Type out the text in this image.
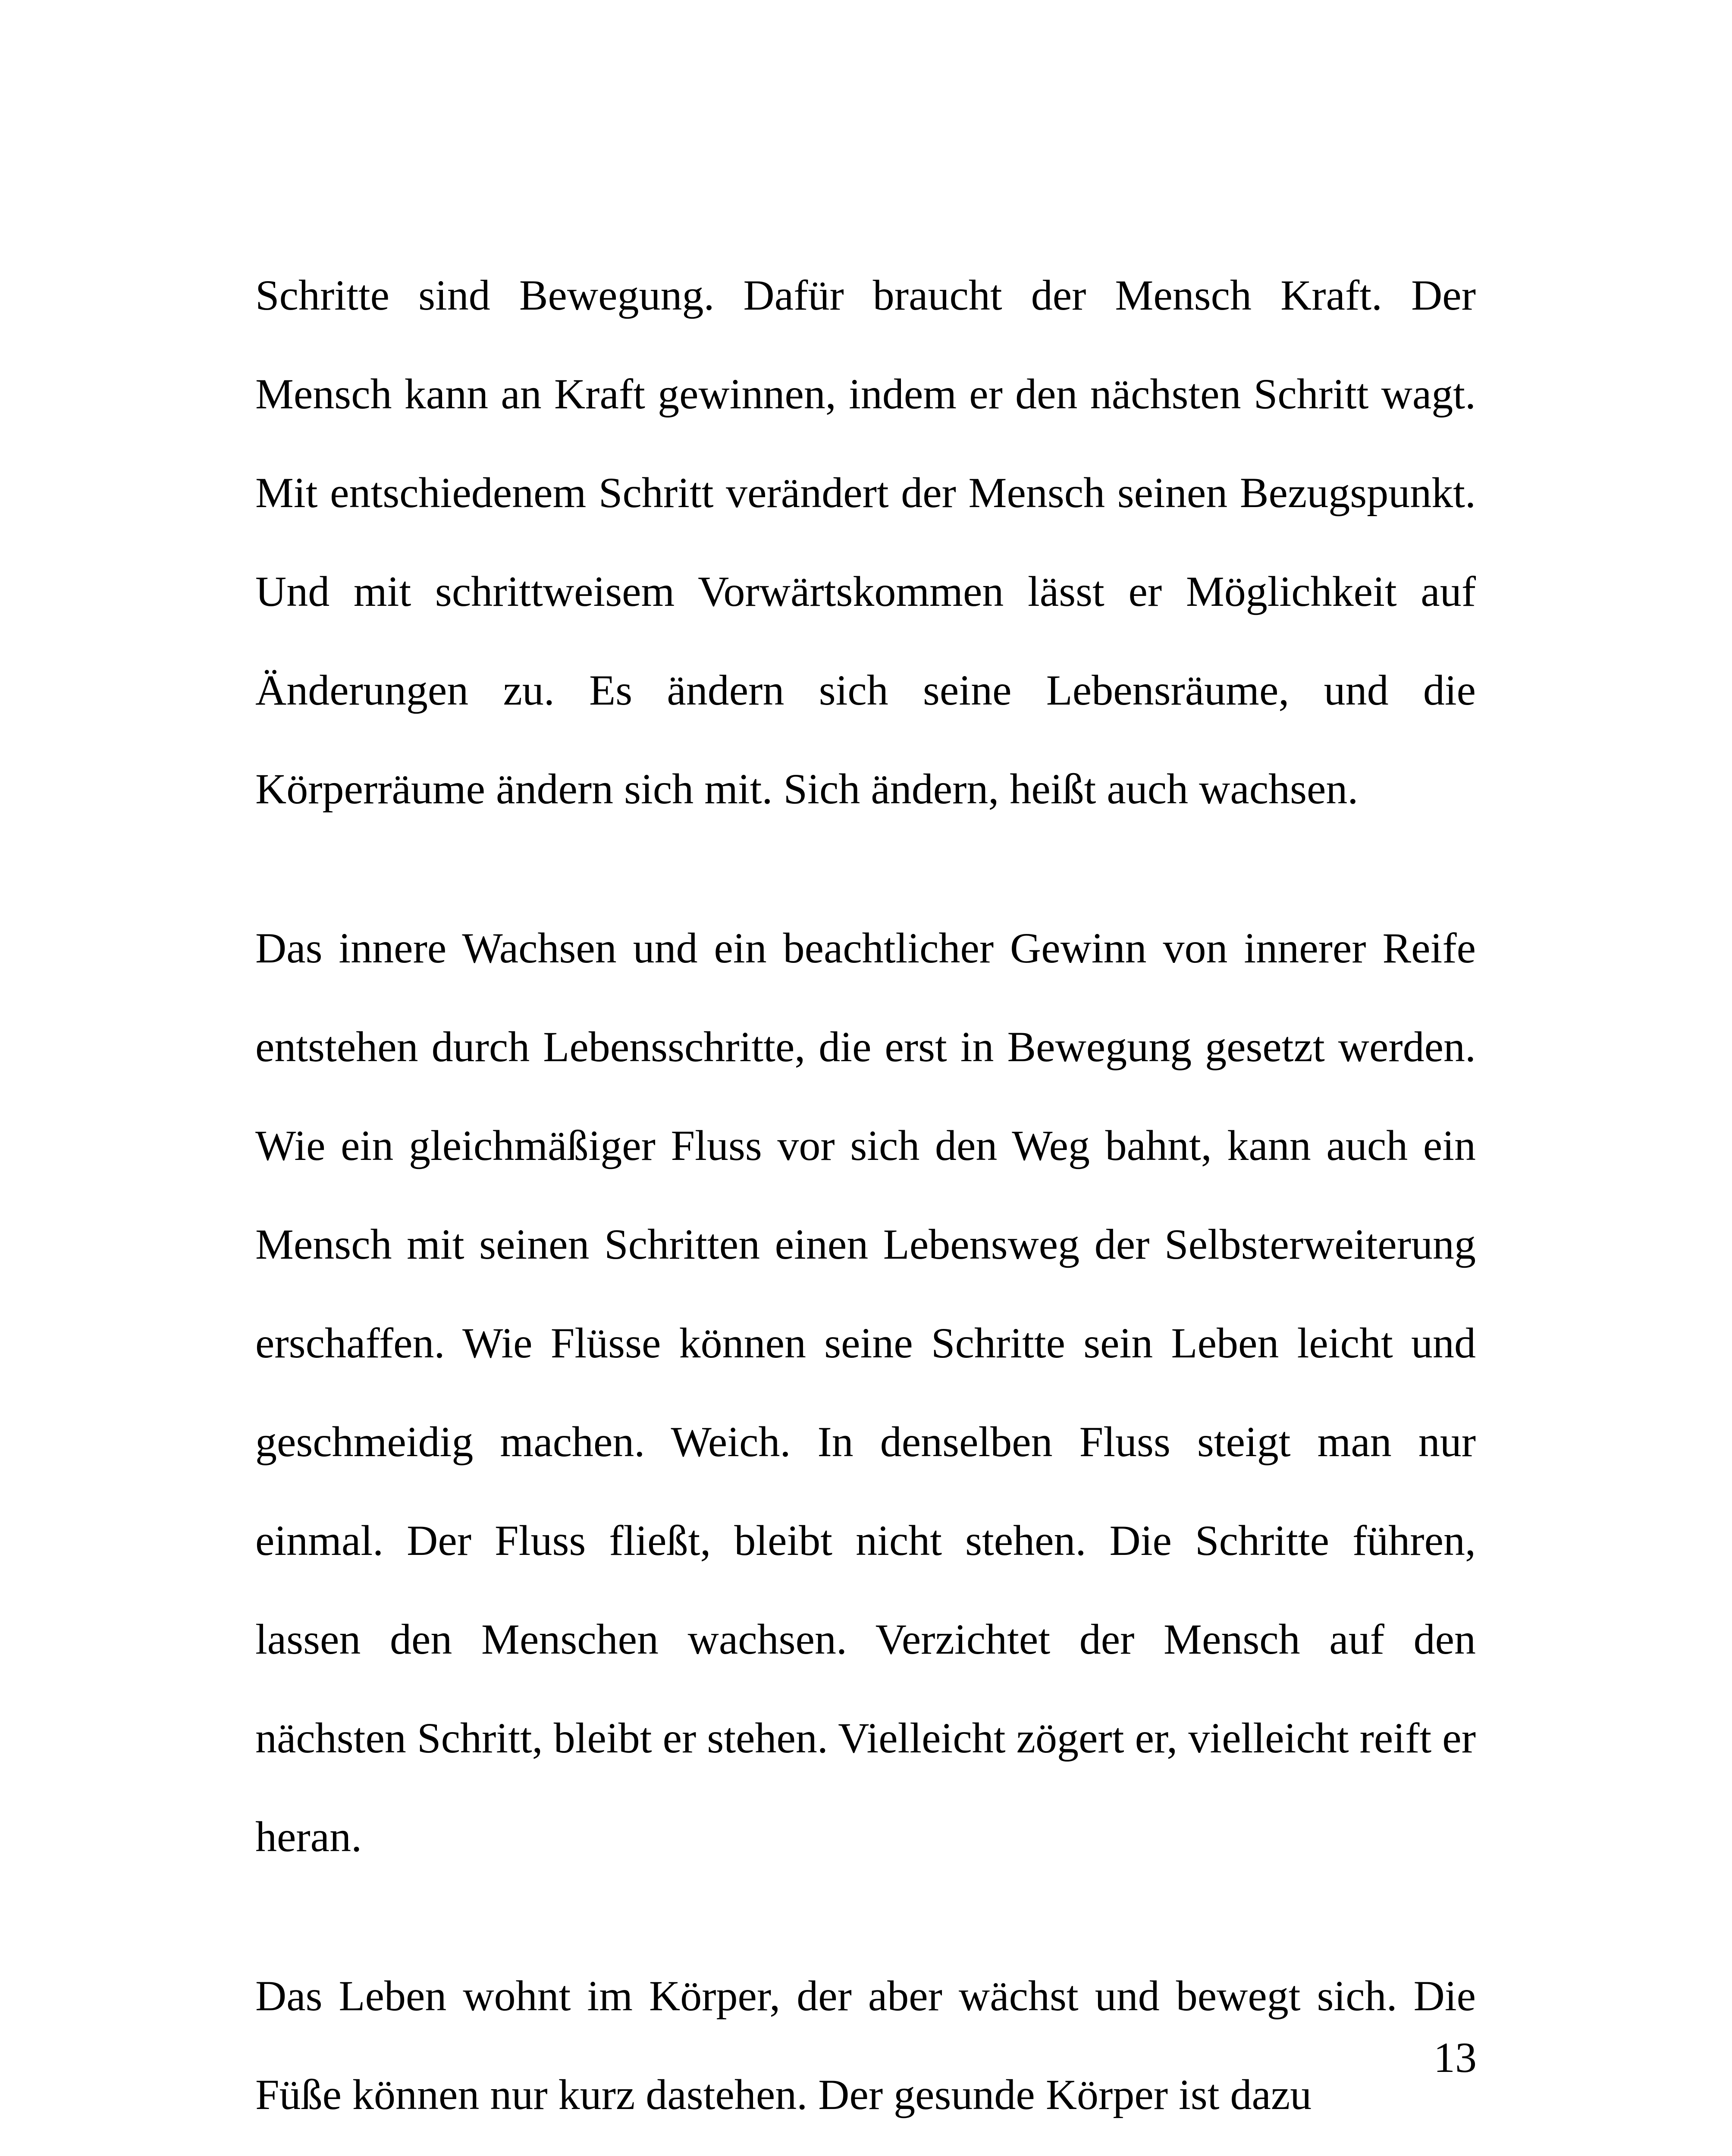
Schritte sind Bewegung. Dafür braucht der Mensch Kraft. Der Mensch kann an Kraft gewinnen, indem er den nächsten Schritt wagt. Mit entschiedenem Schritt verändert der Mensch seinen Bezugspunkt. Und mit schrittweisem Vorwärtskommen lässt er Möglichkeit auf Änderungen zu. Es ändern sich seine Lebensräume, und die Körperräume ändern sich mit. Sich ändern, heißt auch wachsen.

Das innere Wachsen und ein beachtlicher Gewinn von innerer Reife entstehen durch Lebensschritte, die erst in Bewegung gesetzt werden. Wie ein gleichmäßiger Fluss vor sich den Weg bahnt, kann auch ein Mensch mit seinen Schritten einen Lebensweg der Selbsterweiterung erschaffen. Wie Flüsse können seine Schritte sein Leben leicht und geschmeidig machen. Weich. In denselben Fluss steigt man nur einmal. Der Fluss fließt, bleibt nicht stehen. Die Schritte führen, lassen den Menschen wachsen. Verzichtet der Mensch auf den nächsten Schritt, bleibt er stehen. Vielleicht zögert er, vielleicht reift er heran.

Das Leben wohnt im Körper, der aber wächst und bewegt sich. Die Füße können nur kurz dastehen. Der gesunde Körper ist dazu

13
